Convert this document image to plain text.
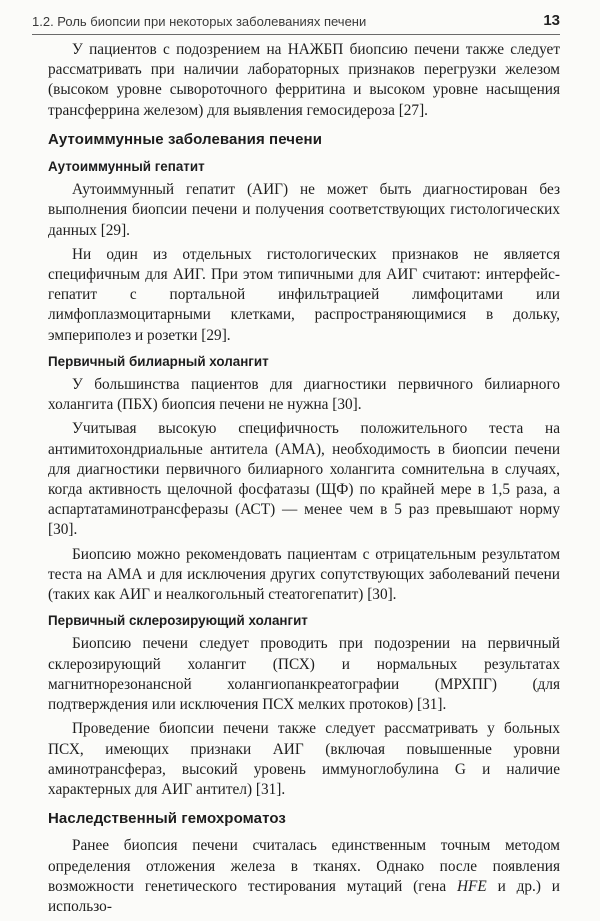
1.2. Роль биопсии при некоторых заболеваниях печени	13

У пациентов с подозрением на НАЖБП биопсию печени также следует рассматривать при наличии лабораторных признаков перегрузки железом (высоком уровне сывороточного ферритина и высоком уровне насыщения трансферрина железом) для выявления гемосидероза [27].

Аутоиммунные заболевания печени
Аутоиммунный гепатит

Аутоиммунный гепатит (АИГ) не может быть диагностирован без выполнения биопсии печени и получения соответствующих гистологических данных [29].

Ни один из отдельных гистологических признаков не является специфичным для АИГ. При этом типичными для АИГ считают: интерфейс-гепатит с портальной инфильтрацией лимфоцитами или лимфоплазмоцитарными клетками, распространяющимися в дольку, эмпериполез и розетки [29].

Первичный билиарный холангит

У большинства пациентов для диагностики первичного билиарного холангита (ПБХ) биопсия печени не нужна [30].

Учитывая высокую специфичность положительного теста на антимитохондриальные антитела (АМА), необходимость в биопсии печени для диагностики первичного билиарного холангита сомнительна в случаях, когда активность щелочной фосфатазы (ЩФ) по крайней мере в 1,5 раза, а аспартатаминотрансферазы (АСТ) — менее чем в 5 раз превышают норму [30].

Биопсию можно рекомендовать пациентам с отрицательным результатом теста на АМА и для исключения других сопутствующих заболеваний печени (таких как АИГ и неалкогольный стеатогепатит) [30].

Первичный склерозирующий холангит

Биопсию печени следует проводить при подозрении на первичный склерозирующий холангит (ПСХ) и нормальных результатах магнитнорезонансной холангиопанкреатографии (МРХПГ) (для подтверждения или исключения ПСХ мелких протоков) [31].

Проведение биопсии печени также следует рассматривать у больных ПСХ, имеющих признаки АИГ (включая повышенные уровни аминотрансфераз, высокий уровень иммуноглобулина G и наличие характерных для АИГ антител) [31].

Наследственный гемохроматоз

Ранее биопсия печени считалась единственным точным методом определения отложения железа в тканях. Однако после появления возможности генетического тестирования мутаций (гена HFE и др.) и использо-
